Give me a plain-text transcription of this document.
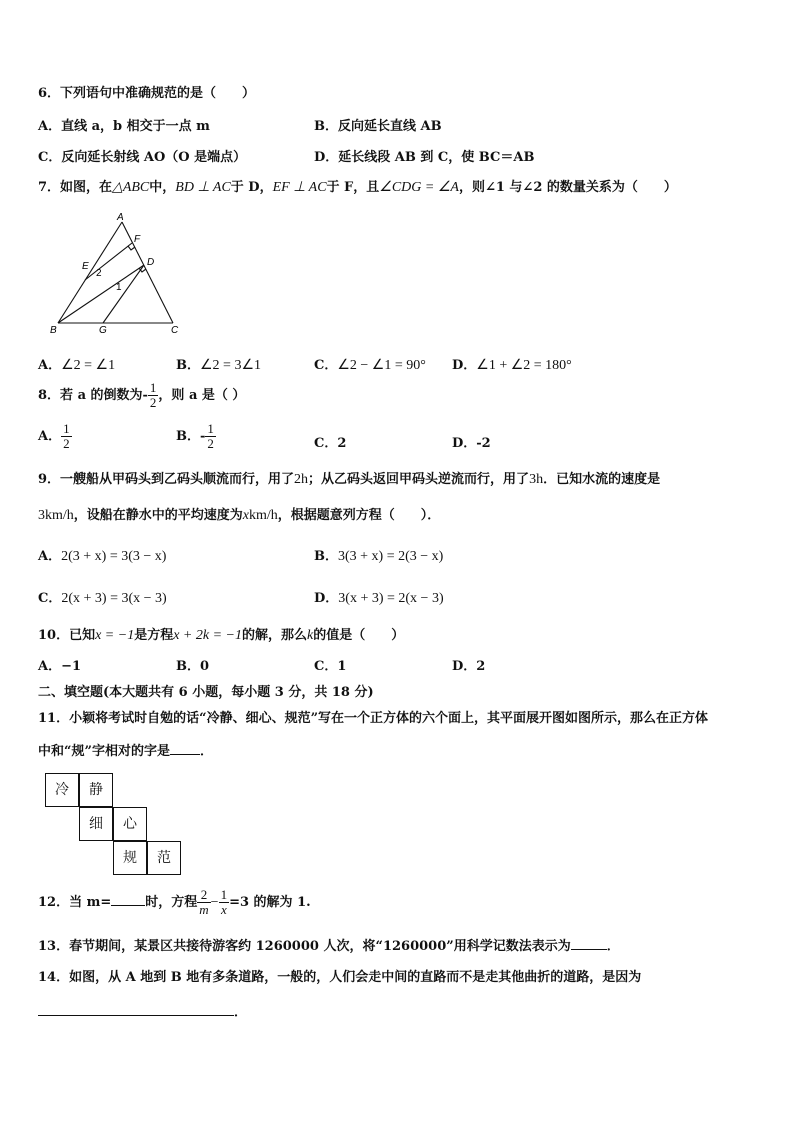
6．下列语句中准确规范的是（　　）
A．直线 a，b 相交于一点 m	B．反向延长直线 AB
C．反向延长射线 AO（O 是端点）	D．延长线段 AB 到 C，使 BC＝AB
7．如图，在△ABC中，BD ⊥ AC于 D，EF ⊥ AC于 F，且∠CDG = ∠A，则∠1 与∠2 的数量关系为（　　）
A
B	C
D
E
F
G
1
2
A．∠2 = ∠1	B．∠2 = 3∠1	C．∠2 − ∠1 = 90° D．∠1 + ∠2 = 180°
8．若 a 的倒数为- $\frac{1}{2}$ ，则 a 是（ ）
A． $\frac{1}{2}$	B．- $\frac{1}{2}$	C．2	D．-2
9．一艘船从甲码头到乙码头顺流而行，用了2h；从乙码头返回甲码头逆流而行，用了3h．已知水流的速度是
3km/h，设船在静水中的平均速度为xkm/h，根据题意列方程（　　）．
A．2(3 + x) = 3(3 − x)	B．3(3 + x) = 2(3 − x)
C．2(x + 3) = 3(x − 3)	D．3(x + 3) = 2(x − 3)
10．已知x = −1是方程x + 2k = −1的解，那么k的值是（　　）
A．−1	B．0	C．1	D．2
二、填空题(本大题共有 6 小题，每小题 3 分，共 18 分)
11．小颖将考试时自勉的话“冷静、细心、规范”写在一个正方体的六个面上，其平面展开图如图所示，那么在正方体
中和“规”字相对的字是 ．
冷	静
细	心
规	范
12．当 m=	时，方程 $\frac{2}{m} - \frac{1}{x} =3$ 的解为 1.
13．春节期间，某景区共接待游客约 1260000 人次，将“1260000”用科学记数法表示为	．
14．如图，从 A 地到 B 地有多条道路，一般的，人们会走中间的直路而不是走其他曲折的道路，是因为
．
